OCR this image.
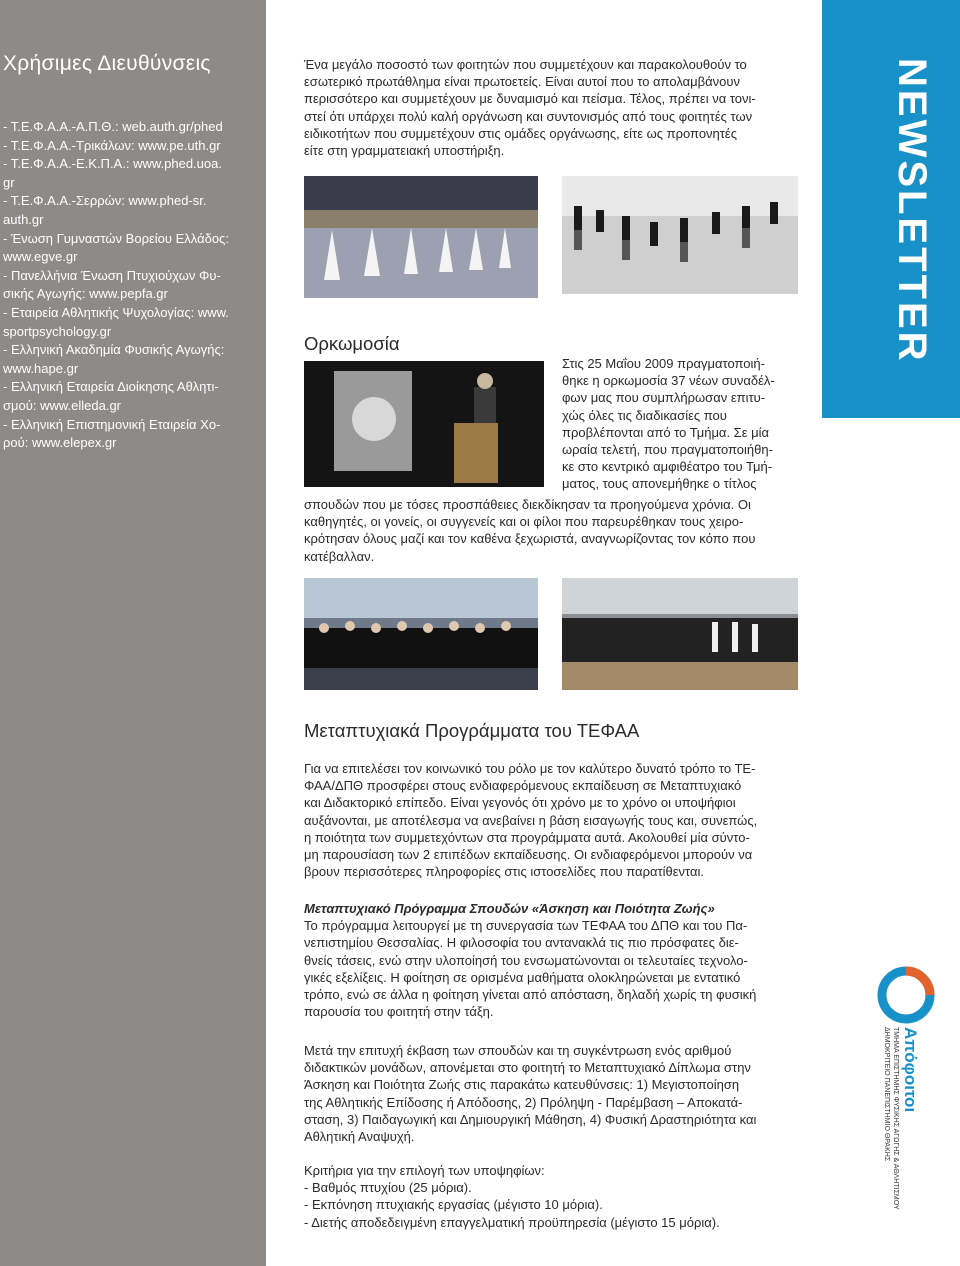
Χρήσιμες Διευθύνσεις
- Τ.Ε.Φ.Α.Α.-Α.Π.Θ.: web.auth.gr/phed
- Τ.Ε.Φ.Α.Α.-Τρικάλων: www.pe.uth.gr
- Τ.Ε.Φ.Α.Α.-Ε.Κ.Π.Α.: www.phed.uoa.
gr
- Τ.Ε.Φ.Α.Α.-Σερρών: www.phed-sr.
auth.gr
- Ένωση Γυμναστών Βορείου Ελλάδος:
www.egve.gr
- Πανελλήνια Ένωση Πτυχιούχων Φυ-
σικής Αγωγής: www.pepfa.gr
- Εταιρεία Αθλητικής Ψυχολογίας: www.
sportpsychology.gr
- Ελληνική Ακαδημία Φυσικής Αγωγής:
www.hape.gr
- Ελληνική Εταιρεία Διοίκησης Αθλητι-
σμού: www.elleda.gr
- Ελληνική Επιστημονική Εταιρεία Χο-
ρού: www.elepex.gr
NEWSLETTER
Απόφοιτοι
ΤΜΗΜΑ ΕΠΙΣΤΗΜΗΣ ΦΥΣΙΚΗΣ ΑΓΩΓΗΣ & ΑΘΛΗΤΙΣΜΟΥ
ΔΗΜΟΚΡΙΤΕΙΟ ΠΑΝΕΠΙΣΤΗΜΙΟ ΘΡΑΚΗΣ
Ένα μεγάλο ποσοστό των φοιτητών που συμμετέχουν και παρακολουθούν το
εσωτερικό πρωτάθλημα είναι πρωτοετείς. Είναι αυτοί που το απολαμβάνουν
περισσότερο και συμμετέχουν με δυναμισμό και πείσμα. Τέλος, πρέπει να τονι-
στεί ότι υπάρχει πολύ καλή οργάνωση και συντονισμός από τους φοιτητές των
ειδικοτήτων που συμμετέχουν στις ομάδες οργάνωσης, είτε ως προπονητές
είτε στη γραμματειακή υποστήριξη.
Ορκωμοσία
Στις 25 Μαΐου 2009 πραγματοποιή-
θηκε η ορκωμοσία 37 νέων συναδέλ-
φων μας που συμπλήρωσαν επιτυ-
χώς όλες τις διαδικασίες που
προβλέπονται από το Τμήμα. Σε μία
ωραία τελετή, που πραγματοποιήθη-
κε στο κεντρικό αμφιθέατρο του Τμή-
ματος, τους απονεμήθηκε ο τίτλος
σπουδών που με τόσες προσπάθειες διεκδίκησαν τα προηγούμενα χρόνια. Οι
καθηγητές, οι γονείς, οι συγγενείς και οι φίλοι που παρευρέθηκαν τους χειρο-
κρότησαν όλους μαζί και τον καθένα ξεχωριστά, αναγνωρίζοντας τον κόπο που
κατέβαλλαν.
Μεταπτυχιακά Προγράμματα του ΤΕΦΑΑ
Για να επιτελέσει τον κοινωνικό του ρόλο με τον καλύτερο δυνατό τρόπο το ΤΕ-
ΦΑΑ/ΔΠΘ προσφέρει στους ενδιαφερόμενους εκπαίδευση σε Μεταπτυχιακό
και Διδακτορικό επίπεδο. Είναι γεγονός ότι χρόνο με το χρόνο οι υποψήφιοι
αυξάνονται, με αποτέλεσμα να ανεβαίνει η βάση εισαγωγής τους και, συνεπώς,
η ποιότητα των συμμετεχόντων στα προγράμματα αυτά. Ακολουθεί μία σύντο-
μη παρουσίαση των 2 επιπέδων εκπαίδευσης. Οι ενδιαφερόμενοι μπορούν να
βρουν περισσότερες πληροφορίες στις ιστοσελίδες που παρατίθενται.
Μεταπτυχιακό Πρόγραμμα Σπουδών «Άσκηση και Ποιότητα Ζωής»
Το πρόγραμμα λειτουργεί με τη συνεργασία των ΤΕΦΑΑ του ΔΠΘ και του Πα-
νεπιστημίου Θεσσαλίας. Η φιλοσοφία του αντανακλά τις πιο πρόσφατες διε-
θνείς τάσεις, ενώ στην υλοποίησή του ενσωματώνονται οι τελευταίες τεχνολο-
γικές εξελίξεις. Η φοίτηση σε ορισμένα μαθήματα ολοκληρώνεται με εντατικό
τρόπο, ενώ σε άλλα η φοίτηση γίνεται από απόσταση, δηλαδή χωρίς τη φυσική
παρουσία του φοιτητή στην τάξη.
Μετά την επιτυχή έκβαση των σπουδών και τη συγκέντρωση ενός αριθμού
διδακτικών μονάδων, απονέμεται στο φοιτητή το Μεταπτυχιακό Δίπλωμα στην
Άσκηση και Ποιότητα Ζωής στις παρακάτω κατευθύνσεις: 1) Μεγιστοποίηση
της Αθλητικής Επίδοσης ή Απόδοσης, 2) Πρόληψη - Παρέμβαση – Αποκατά-
σταση, 3) Παιδαγωγική και Δημιουργική Μάθηση, 4) Φυσική Δραστηριότητα και
Αθλητική Αναψυχή.
Κριτήρια για την επιλογή των υποψηφίων:
- Βαθμός πτυχίου (25 μόρια).
- Εκπόνηση πτυχιακής εργασίας (μέγιστο 10 μόρια).
- Διετής αποδεδειγμένη επαγγελματική προϋπηρεσία (μέγιστο 15 μόρια).
